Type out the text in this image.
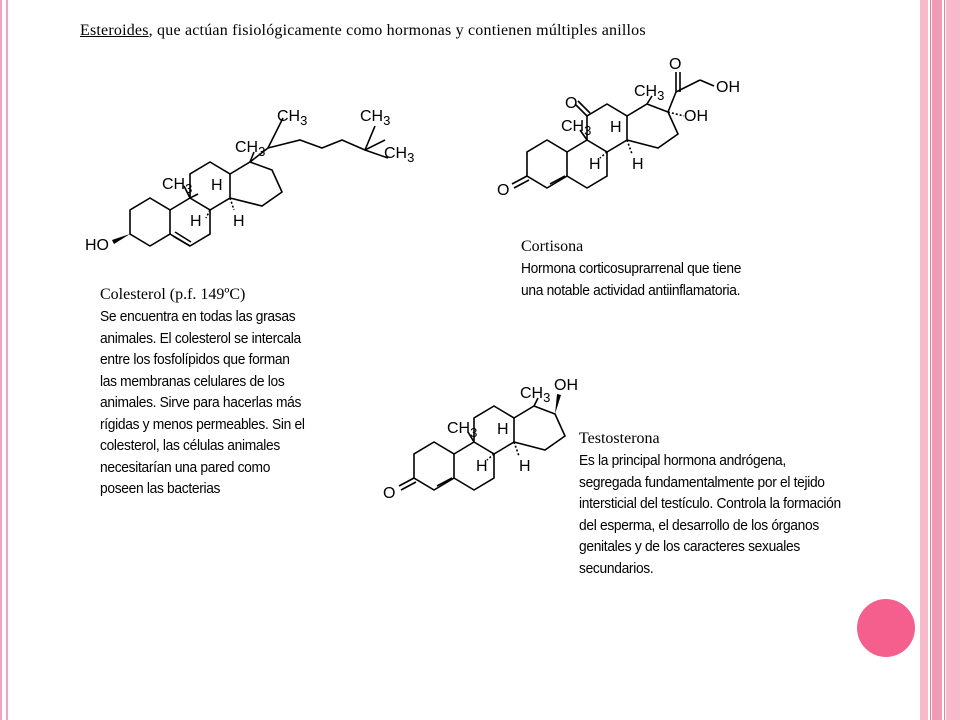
Esteroides, que actúan fisiológicamente como hormonas y contienen múltiples anillos
$CH_3$
$CH_3$
$CH_3$	$CH_3$
$CH_3$
H
H H
HO
O
O
O
OH
OH
$CH_3$
$CH_3$
H
H H
O
OH
$CH_3$
$CH_3$
H
H H
Colesterol (p.f. 149ºC)
Se encuentra en todas las grasas animales. El colesterol se intercala entre los fosfolípidos que forman las membranas celulares de los animales. Sirve para hacerlas más rígidas y menos permeables. Sin el colesterol, las células animales necesitarían una pared como poseen las bacterias
Cortisona
Hormona corticosuprarrenal que tiene una notable actividad antiinflamatoria.
Testosterona
Es la principal hormona andrógena, segregada fundamentalmente por el tejido intersticial del testículo. Controla la formación del esperma, el desarrollo de los órganos genitales y de los caracteres sexuales secundarios.
